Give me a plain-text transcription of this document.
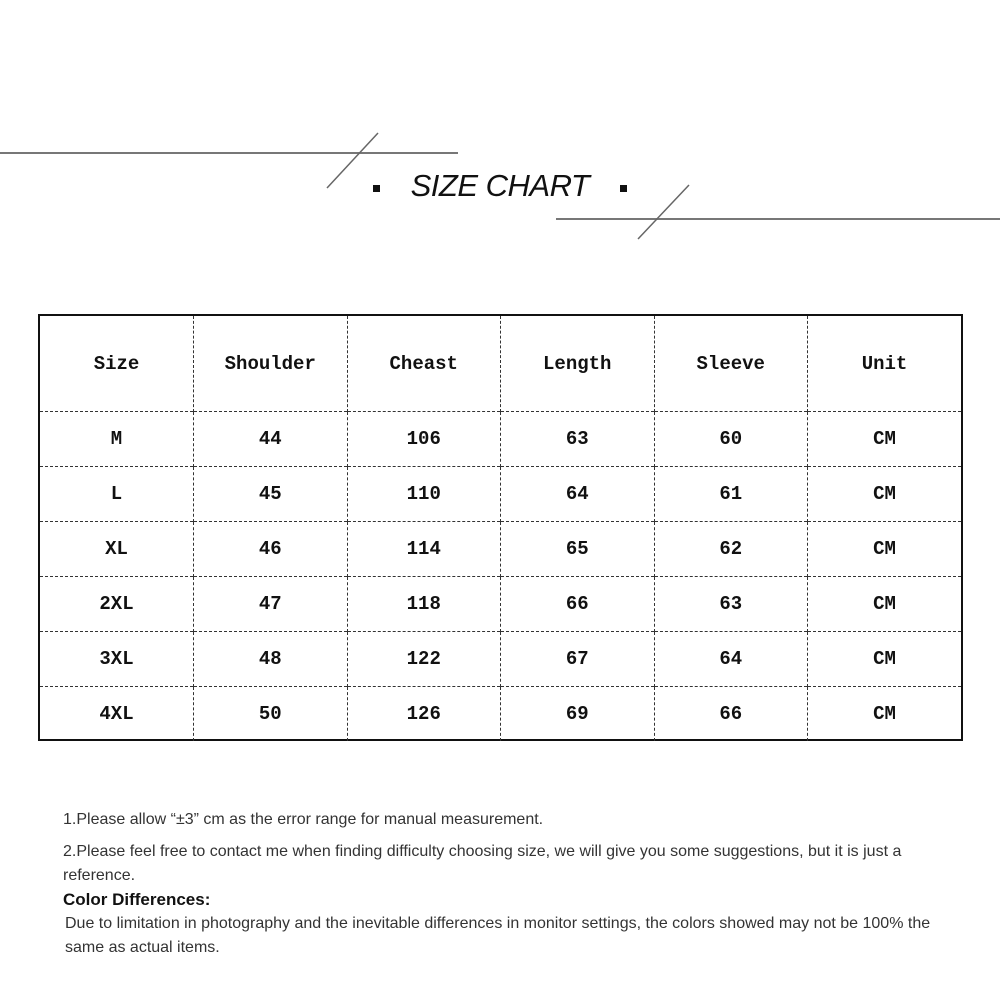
SIZE CHART
Size	Shoulder	Cheast	Length	Sleeve	Unit
M	44	106	63	60	CM
L	45	110	64	61	CM
XL	46	114	65	62	CM
2XL	47	118	66	63	CM
3XL	48	122	67	64	CM
4XL	50	126	69	66	CM

1.Please allow “±3” cm as the error range for manual measurement.

2.Please feel free to contact me when finding difficulty choosing size, we will give you some suggestions, but it is just a reference.

Color Differences:

Due to limitation in photography and the inevitable differences in monitor settings, the colors showed may not be 100% the same as actual items.
